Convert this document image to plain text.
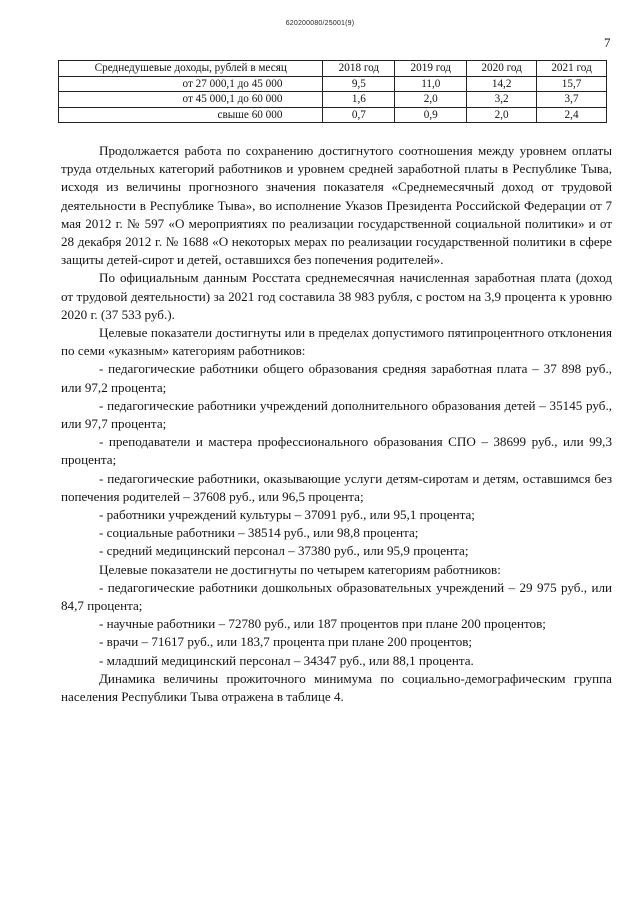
620200080/25001(9)
7
Среднедушевые доходы, рублей в месяц	2018 год	2019 год	2020 год	2021 год
от 27 000,1 до 45 000	9,5	11,0	14,2	15,7
от 45 000,1 до 60 000	1,6	2,0	3,2	3,7
свыше 60 000	0,7	0,9	2,0	2,4

Продолжается работа по сохранению достигнутого соотношения между уровнем оплаты труда отдельных категорий работников и уровнем средней заработной платы в Республике Тыва, исходя из величины прогнозного значения показателя «Среднемесячный доход от трудовой деятельности в Республике Тыва», во исполнение Указов Президента Российской Федерации от 7 мая 2012 г. № 597 «О мероприятиях по реализации государственной социальной политики» и от 28 декабря 2012 г. № 1688 «О некоторых мерах по реализации государственной политики в сфере защиты детей-сирот и детей, оставшихся без попечения родителей».

По официальным данным Росстата среднемесячная начисленная заработная плата (доход от трудовой деятельности) за 2021 год составила 38 983 рубля, с ростом на 3,9 процента к уровню 2020 г. (37 533 руб.).

Целевые показатели достигнуты или в пределах допустимого пятипроцентного отклонения по семи «указным» категориям работников:

- педагогические работники общего образования средняя заработная плата – 37 898 руб., или 97,2 процента;

- педагогические работники учреждений дополнительного образования детей – 35145 руб., или 97,7 процента;

- преподаватели и мастера профессионального образования СПО – 38699 руб., или 99,3 процента;

- педагогические работники, оказывающие услуги детям-сиротам и детям, оставшимся без попечения родителей – 37608 руб., или 96,5 процента;

- работники учреждений культуры – 37091 руб., или 95,1 процента;

- социальные работники – 38514 руб., или 98,8 процента;

- средний медицинский персонал – 37380 руб., или 95,9 процента;

Целевые показатели не достигнуты по четырем категориям работников:

- педагогические работники дошкольных образовательных учреждений – 29 975 руб., или 84,7 процента;

- научные работники – 72780 руб., или 187 процентов при плане 200 процентов;

- врачи – 71617 руб., или 183,7 процента при плане 200 процентов;

- младший медицинский персонал – 34347 руб., или 88,1 процента.

Динамика величины прожиточного минимума по социально-демографическим группа населения Республики Тыва отражена в таблице 4.
